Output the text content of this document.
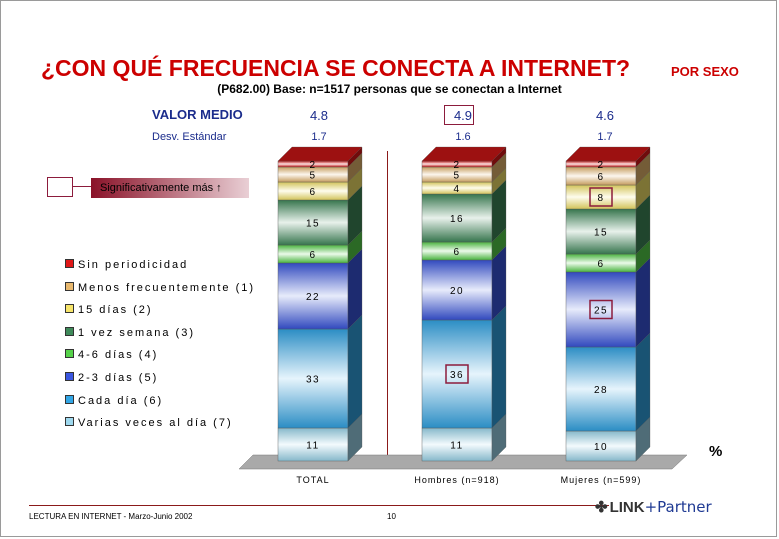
¿CON QUÉ FRECUENCIA SE CONECTA A INTERNET?	POR SEXO
(P682.00) Base: n=1517 personas que se conectan a Internet
VALOR MEDIO
Desv. Estándar
4.8	4.9	4.6
1.7	1.6	1.7
Significativamente más ↑
Sin periodicidad
Menos frecuentemente (1)
15 días (2)
1 vez semana (3)
4-6 días (4)
2-3 días (5)
Cada día (6)
Varias veces al día (7)
11
33
22
6
15
6
5
2
11
36
20
6
16
4
5
2
10
28
25
6
15
8
6
2
TOTAL	Hombres (n=918)	Mujeres (n=599)
%
LECTURA EN INTERNET - Marzo-Junio 2002	10
✤ LINK+Partner
